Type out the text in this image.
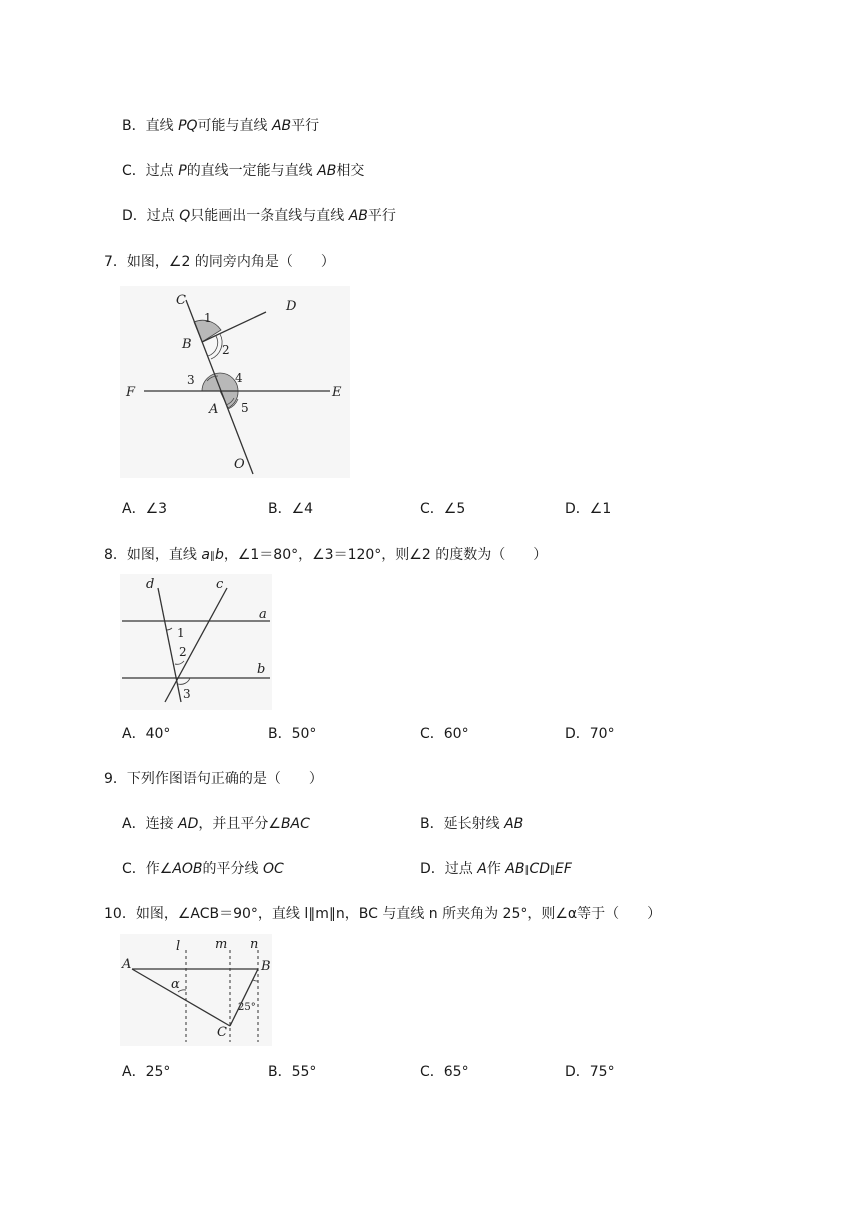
B．直线 PQ可能与直线 AB平行
C．过点 P的直线一定能与直线 AB相交
D．过点 Q只能画出一条直线与直线 AB平行
7．如图，∠2 的同旁内角是（　　）
C	D
1
B	2
3	4
F	E
A 5
O
A．∠3	B．∠4	C．∠5	D．∠1
8．如图，直线 a∥b，∠1＝80°，∠3＝120°，则∠2 的度数为（　　）
d	c
a
b
1
2
3
A．40°	B．50°	C．60°	D．70°
9．下列作图语句正确的是（　　）
A．连接 AD，并且平分∠BAC	B．延长射线 AB
C．作∠AOB的平分线 OC	D．过点 A作 AB∥CD∥EF
10．如图，∠ACB＝90°，直线 l∥m∥n，BC 与直线 n 所夹角为 25°，则∠α等于（　　）
l	m n
A	B
α
25°
C
A．25°	B．55°	C．65°	D．75°
